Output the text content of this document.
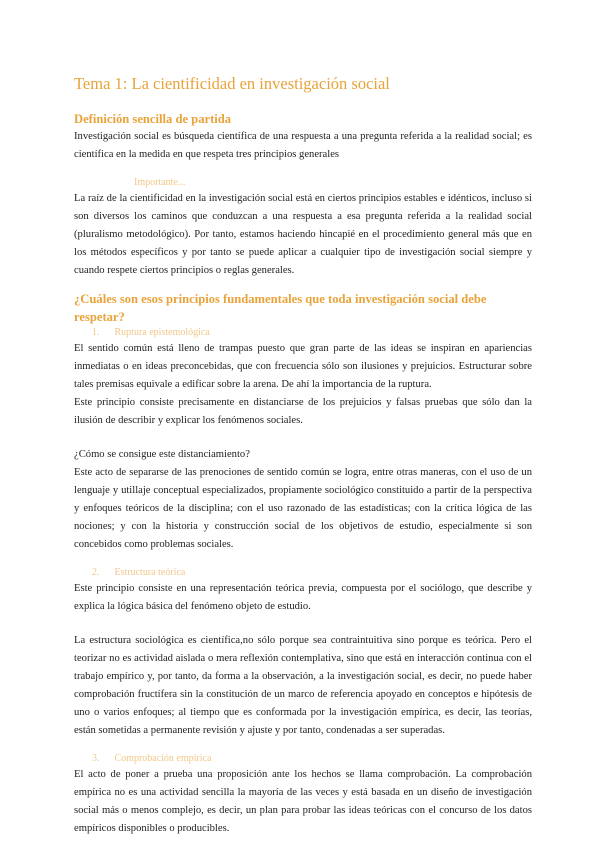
Tema 1: La cientificidad en investigación social
Definición sencilla de partida

Investigación social es búsqueda científica de una respuesta a una pregunta referida a la realidad social; es científica en la medida en que respeta tres principios generales

Importante...

La raíz de la cientificidad en la investigación social está en ciertos principios estables e idénticos, incluso si son diversos los caminos que conduzcan a una respuesta a esa pregunta referida a la realidad social (pluralismo metodológico). Por tanto, estamos haciendo hincapié en el procedimiento general más que en los métodos específicos y por tanto se puede aplicar a cualquier tipo de investigación social siempre y cuando respete ciertos principios o reglas generales.

¿Cuáles son esos principios fundamentales que toda investigación social debe respetar?
1. Ruptura epistemológica

El sentido común está lleno de trampas puesto que gran parte de las ideas se inspiran en apariencias inmediatas o en ideas preconcebidas, que con frecuencia sólo son ilusiones y prejuicios. Estructurar sobre tales premisas equivale a edificar sobre la arena. De ahí la importancia de la ruptura.

Este principio consiste precisamente en distanciarse de los prejuicios y falsas pruebas que sólo dan la ilusión de describir y explicar los fenómenos sociales.

¿Cómo se consigue este distanciamiento?

Este acto de separarse de las prenociones de sentido común se logra, entre otras maneras, con el uso de un lenguaje y utillaje conceptual especializados, propiamente sociológico constituido a partir de la perspectiva y enfoques teóricos de la disciplina; con el uso razonado de las estadísticas; con la crítica lógica de las nociones; y con la historia y construcción social de los objetivos de estudio, especialmente si son concebidos como problemas sociales.

2. Estructura teórica

Este principio consiste en una representación teórica previa, compuesta por el sociólogo, que describe y explica la lógica básica del fenómeno objeto de estudio.

La estructura sociológica es científica,no sólo porque sea contraintuitiva sino porque es teórica. Pero el teorizar no es actividad aislada o mera reflexión contemplativa, sino que está en interacción continua con el trabajo empírico y, por tanto, da forma a la observación, a la investigación social, es decir, no puede haber comprobación fructífera sin la constitución de un marco de referencia apoyado en conceptos e hipótesis de uno o varios enfoques; al tiempo que es conformada por la investigación empírica, es decir, las teorías, están sometidas a permanente revisión y ajuste y por tanto, condenadas a ser superadas.

3. Comprobación empírica

El acto de poner a prueba una proposición ante los hechos se llama comprobación. La comprobación empírica no es una actividad sencilla la mayoría de las veces y está basada en un diseño de investigación social más o menos complejo, es decir, un plan para probar las ideas teóricas con el concurso de los datos empíricos disponibles o producibles.
